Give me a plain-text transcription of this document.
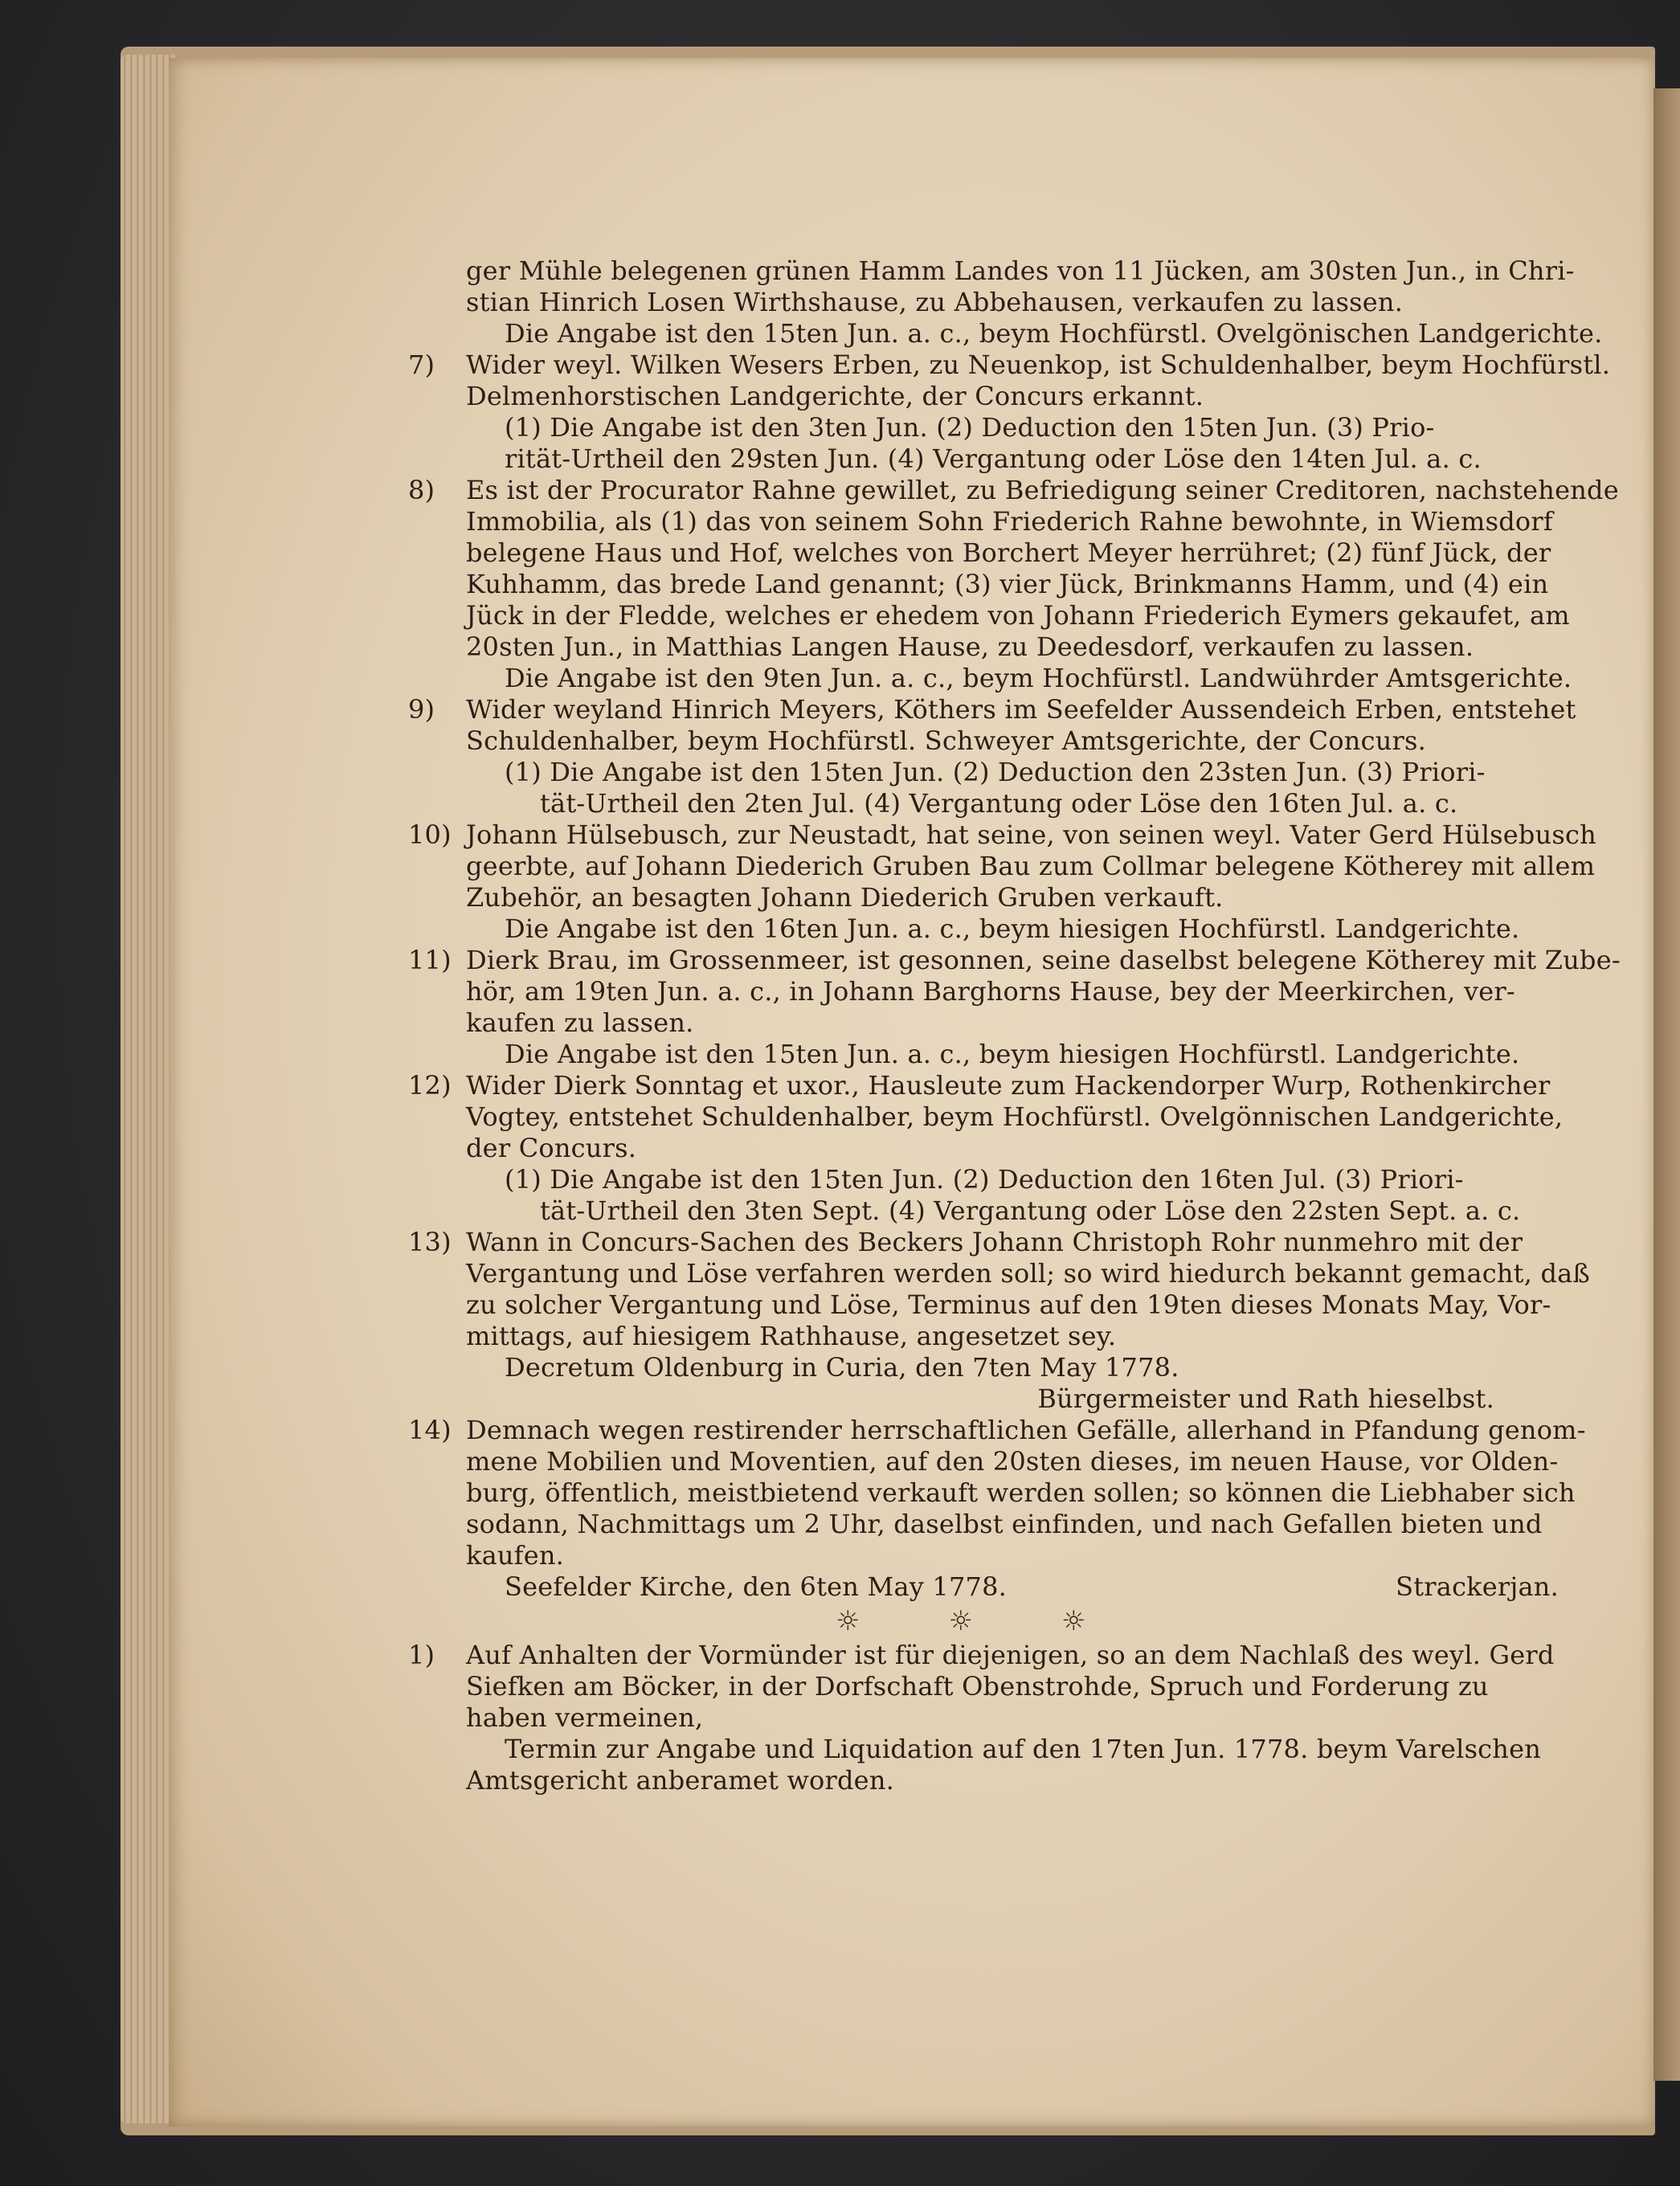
ger Mühle belegenen grünen Hamm Landes von 11 Jücken, am 30sten Jun., in Chri-
stian Hinrich Losen Wirthshause, zu Abbehausen, verkaufen zu lassen.
Die Angabe ist den 15ten Jun. a. c., beym Hochfürstl. Ovelgönischen Landgerichte.
Wider weyl. Wilken Wesers Erben, zu Neuenkop, ist Schuldenhalber, beym Hochfürstl.
7)
Delmenhorstischen Landgerichte, der Concurs erkannt.
(1) Die Angabe ist den 3ten Jun. (2) Deduction den 15ten Jun. (3) Prio-
rität-Urtheil den 29sten Jun. (4) Vergantung oder Löse den 14ten Jul. a. c.
Es ist der Procurator Rahne gewillet, zu Befriedigung seiner Creditoren, nachstehende
8)
Immobilia, als (1) das von seinem Sohn Friederich Rahne bewohnte, in Wiemsdorf
belegene Haus und Hof, welches von Borchert Meyer herrühret; (2) fünf Jück, der
Kuhhamm, das brede Land genannt; (3) vier Jück, Brinkmanns Hamm, und (4) ein
Jück in der Fledde, welches er ehedem von Johann Friederich Eymers gekaufet, am
20sten Jun., in Matthias Langen Hause, zu Deedesdorf, verkaufen zu lassen.
Die Angabe ist den 9ten Jun. a. c., beym Hochfürstl. Landwührder Amtsgerichte.
Wider weyland Hinrich Meyers, Köthers im Seefelder Aussendeich Erben, entstehet
9)
Schuldenhalber, beym Hochfürstl. Schweyer Amtsgerichte, der Concurs.
(1) Die Angabe ist den 15ten Jun. (2) Deduction den 23sten Jun. (3) Priori-
tät-Urtheil den 2ten Jul. (4) Vergantung oder Löse den 16ten Jul. a. c.
Johann Hülsebusch, zur Neustadt, hat seine, von seinen weyl. Vater Gerd Hülsebusch
10)
geerbte, auf Johann Diederich Gruben Bau zum Collmar belegene Kötherey mit allem
Zubehör, an besagten Johann Diederich Gruben verkauft.
Die Angabe ist den 16ten Jun. a. c., beym hiesigen Hochfürstl. Landgerichte.
Dierk Brau, im Grossenmeer, ist gesonnen, seine daselbst belegene Kötherey mit Zube-
11)
hör, am 19ten Jun. a. c., in Johann Barghorns Hause, bey der Meerkirchen, ver-
kaufen zu lassen.
Die Angabe ist den 15ten Jun. a. c., beym hiesigen Hochfürstl. Landgerichte.
Wider Dierk Sonntag et uxor., Hausleute zum Hackendorper Wurp, Rothenkircher
12)
Vogtey, entstehet Schuldenhalber, beym Hochfürstl. Ovelgönnischen Landgerichte,
der Concurs.
(1) Die Angabe ist den 15ten Jun. (2) Deduction den 16ten Jul. (3) Priori-
tät-Urtheil den 3ten Sept. (4) Vergantung oder Löse den 22sten Sept. a. c.
Wann in Concurs-Sachen des Beckers Johann Christoph Rohr nunmehro mit der
13)
Vergantung und Löse verfahren werden soll; so wird hiedurch bekannt gemacht, daß
zu solcher Vergantung und Löse, Terminus auf den 19ten dieses Monats May, Vor-
mittags, auf hiesigem Rathhause, angesetzet sey.
Decretum Oldenburg in Curia, den 7ten May 1778.
Bürgermeister und Rath hieselbst.
Demnach wegen restirender herrschaftlichen Gefälle, allerhand in Pfandung genom-
14)
mene Mobilien und Moventien, auf den 20sten dieses, im neuen Hause, vor Olden-
burg, öffentlich, meistbietend verkauft werden sollen; so können die Liebhaber sich
sodann, Nachmittags um 2 Uhr, daselbst einfinden, und nach Gefallen bieten und
kaufen.
Seefelder Kirche, den 6ten May 1778.	Strackerjan.
☼	☼	☼
Auf Anhalten der Vormünder ist für diejenigen, so an dem Nachlaß des weyl. Gerd
1)
Siefken am Böcker, in der Dorfschaft Obenstrohde, Spruch und Forderung zu
haben vermeinen,
Termin zur Angabe und Liquidation auf den 17ten Jun. 1778. beym Varelschen
Amtsgericht anberamet worden.
